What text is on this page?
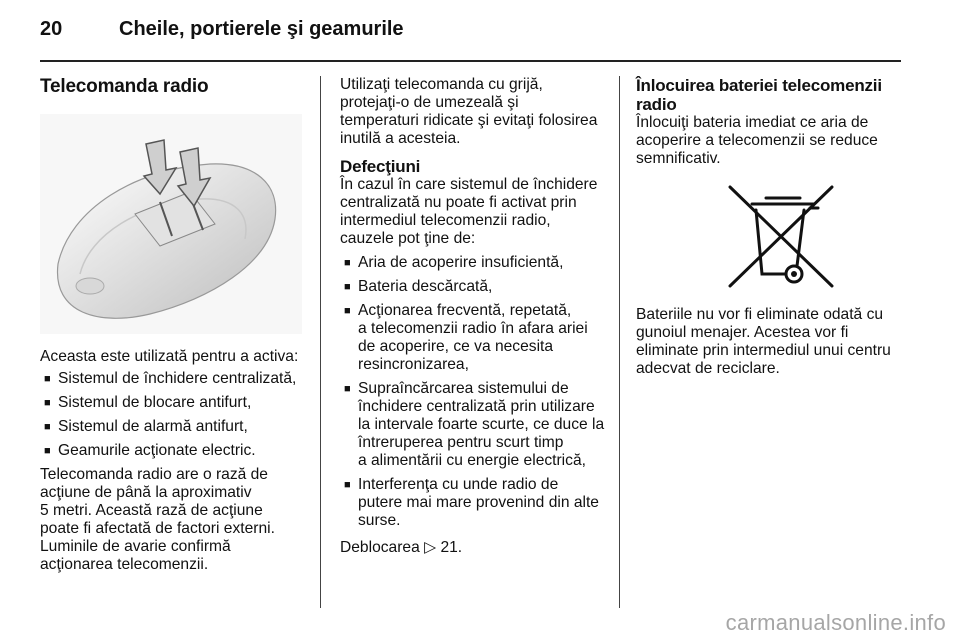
20	Cheile, portierele şi geamurile
Telecomanda radio

Aceasta este utilizată pentru a activa:

■ Sistemul de închidere centralizată,
■ Sistemul de blocare antifurt,
■ Sistemul de alarmă antifurt,
■ Geamurile acţionate electric.

Telecomanda radio are o rază de
acţiune de până la aproximativ
5 metri. Această rază de acţiune
poate fi afectată de factori externi.
Luminile de avarie confirmă
acţionarea telecomenzii.

Utilizaţi telecomanda cu grijă,
protejaţi-o de umezeală şi
temperaturi ridicate şi evitaţi folosirea
inutilă a acesteia.

Defecţiuni

În cazul în care sistemul de închidere
centralizată nu poate fi activat prin
intermediul telecomenzii radio,
cauzele pot ţine de:

■ Aria de acoperire insuficientă,
■ Bateria descărcată,
■ Acţionarea frecventă, repetată,
a telecomenzii radio în afara ariei
de acoperire, ce va necesita
resincronizarea,
■ Supraîncărcarea sistemului de
închidere centralizată prin utilizare
la intervale foarte scurte, ce duce la
întreruperea pentru scurt timp
a alimentării cu energie electrică,
■ Interferenţa cu unde radio de
putere mai mare provenind din alte
surse.

Deblocarea ▷ 21.

Înlocuirea bateriei telecomenzii
radio

Înlocuiţi bateria imediat ce aria de
acoperire a telecomenzii se reduce
semnificativ.

Bateriile nu vor fi eliminate odată cu
gunoiul menajer. Acestea vor fi
eliminate prin intermediul unui centru
adecvat de reciclare.

carmanualsonline.info
